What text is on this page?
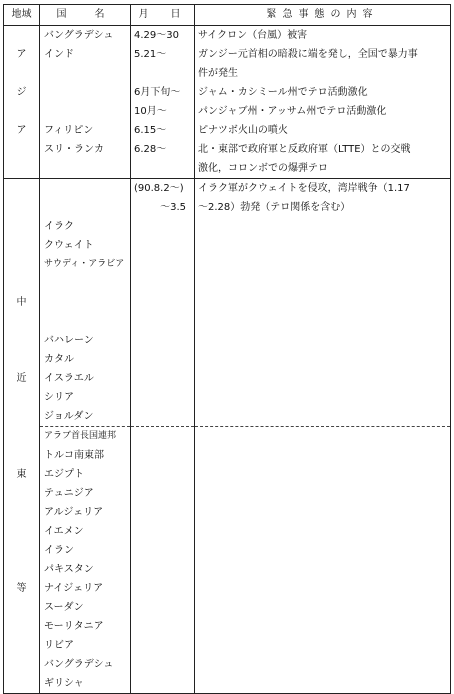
地域	国　名	月　日	緊急事態の内容
	バングラデシュ	4.29～30	サイクロン（台風）被害
ア	インド	5.21～	ガンジー元首相の暗殺に端を発し，全国で暴力事
			件が発生
ジ		6月下旬～	ジャム・カシミール州でテロ活動激化
		10月～	パンジャブ州・アッサム州でテロ活動激化
ア	フィリピン	6.15～	ピナツボ火山の噴火
	スリ・ランカ	6.28～	北・東部で政府軍と反政府軍（LTTE）との交戦
			激化，コロンボでの爆弾テロ
		(90.8.2～)	イラク軍がクウェイトを侵攻，湾岸戦争（1.17
		～3.5	～2.28）勃発（テロ関係を含む）
	イラク		
	クウェイト		
	サウディ・アラビア		

中			

	バハレーン		
	カタル		
近	イスラエル		
	シリア		
	ジョルダン		
	アラブ首長国連邦		
	トルコ南東部		
東	エジプト		
	テュニジア		
	アルジェリア		
	イエメン		
	イラン		
	パキスタン		
等	ナイジェリア		
	スーダン		
	モーリタニア		
	リビア		
	バングラデシュ		
	ギリシャ		
